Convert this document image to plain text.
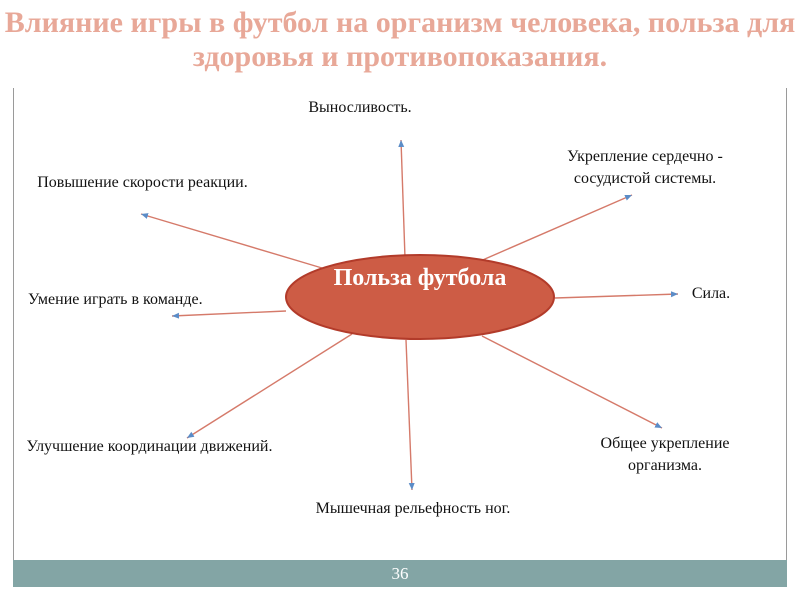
Влияние игры в футбол на организм человека, польза для здоровья и противопоказания.
Польза футбола
Выносливость.
Укрепление сердечно - сосудистой системы.
Сила.
Общее укрепление организма.
Мышечная рельефность ног.
Улучшение координации движений.
Умение играть в команде.
Повышение скорости реакции.
36
